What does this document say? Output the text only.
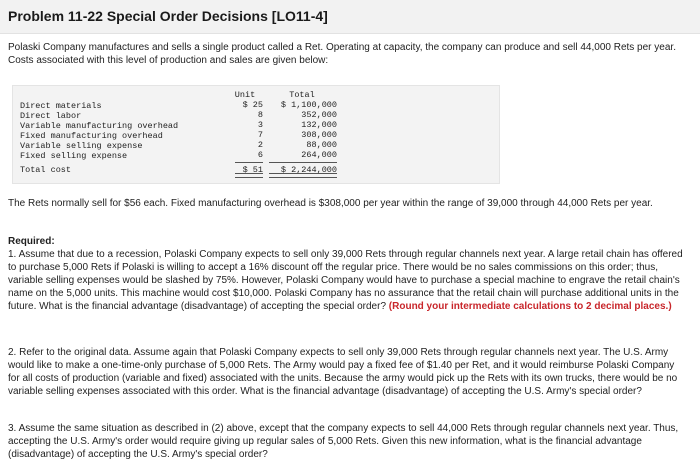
Problem 11-22 Special Order Decisions [LO11-4]
Polaski Company manufactures and sells a single product called a Ret. Operating at capacity, the company can produce and sell 44,000 Rets per year. Costs associated with this level of production and sales are given below:
Direct materials
Direct labor
Variable manufacturing overhead
Fixed manufacturing overhead
Variable selling expense
Fixed selling expense
Unit
$ 25
8
3
7
2
6
Total
$ 1,100,000
352,000
132,000
308,000
88,000
264,000
Total cost	$ 51	$ 2,244,000
The Rets normally sell for $56 each. Fixed manufacturing overhead is $308,000 per year within the range of 39,000 through 44,000 Rets per year.
Required:
1. Assume that due to a recession, Polaski Company expects to sell only 39,000 Rets through regular channels next year. A large retail chain has offered to purchase 5,000 Rets if Polaski is willing to accept a 16% discount off the regular price. There would be no sales commissions on this order; thus, variable selling expenses would be slashed by 75%. However, Polaski Company would have to purchase a special machine to engrave the retail chain's name on the 5,000 units. This machine would cost $10,000. Polaski Company has no assurance that the retail chain will purchase additional units in the future. What is the financial advantage (disadvantage) of accepting the special order? (Round your intermediate calculations to 2 decimal places.)
2. Refer to the original data. Assume again that Polaski Company expects to sell only 39,000 Rets through regular channels next year. The U.S. Army would like to make a one-time-only purchase of 5,000 Rets. The Army would pay a fixed fee of $1.40 per Ret, and it would reimburse Polaski Company for all costs of production (variable and fixed) associated with the units. Because the army would pick up the Rets with its own trucks, there would be no variable selling expenses associated with this order. What is the financial advantage (disadvantage) of accepting the U.S. Army's special order?
3. Assume the same situation as described in (2) above, except that the company expects to sell 44,000 Rets through regular channels next year. Thus, accepting the U.S. Army's order would require giving up regular sales of 5,000 Rets. Given this new information, what is the financial advantage (disadvantage) of accepting the U.S. Army's special order?
